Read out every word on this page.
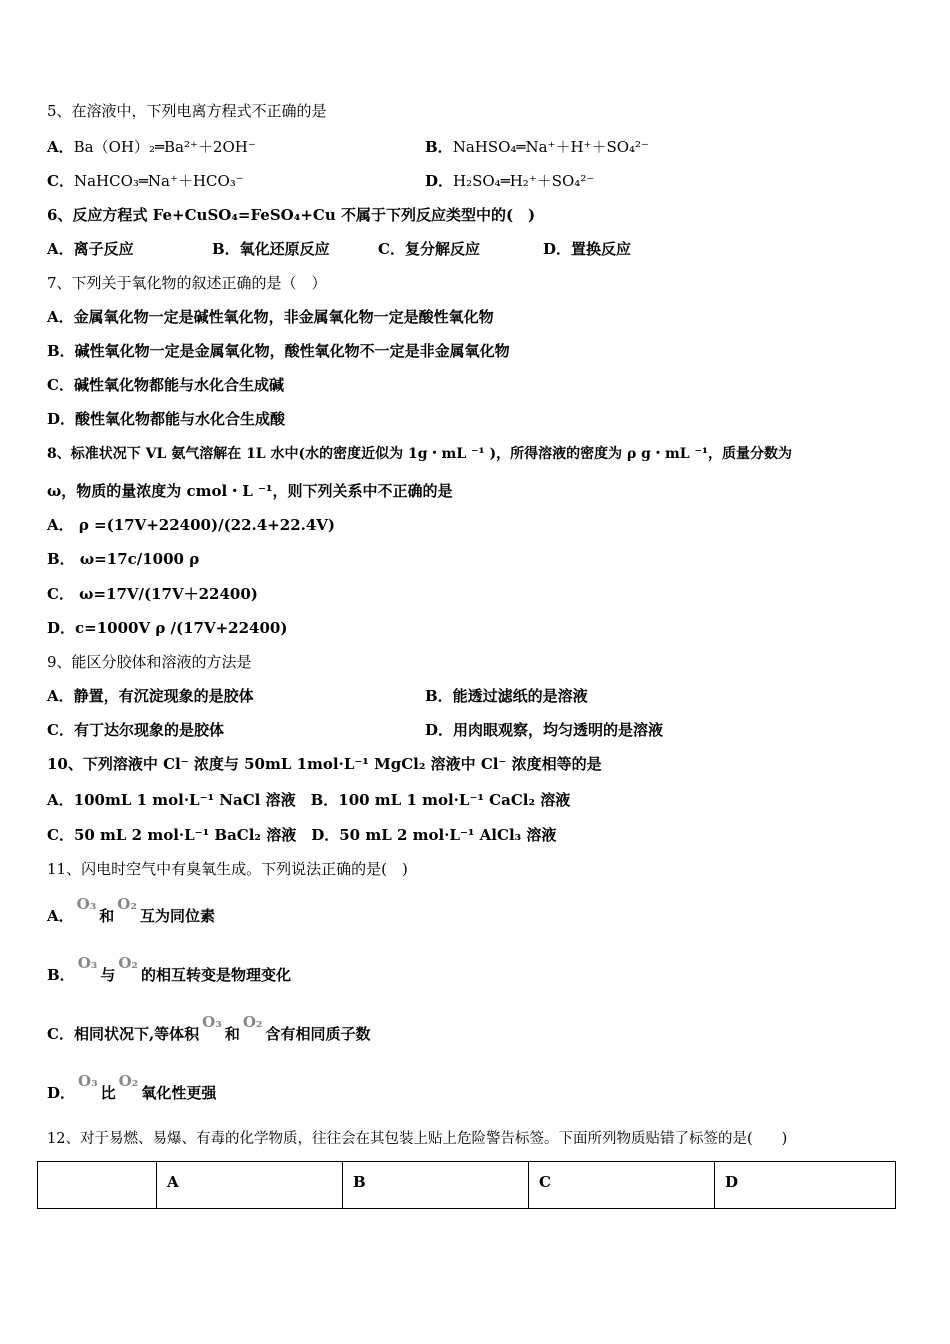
5、在溶液中，下列电离方程式不正确的是
A．Ba（OH）₂═Ba²⁺＋2OH⁻	B．NaHSO₄═Na⁺＋H⁺＋SO₄²⁻
C．NaHCO₃═Na⁺＋HCO₃⁻	D．H₂SO₄═H₂⁺＋SO₄²⁻
6、反应方程式 Fe+CuSO₄=FeSO₄+Cu 不属于下列反应类型中的(　)
A．离子反应	B．氧化还原反应	C．复分解反应	D．置换反应
7、下列关于氧化物的叙述正确的是（　）
A．金属氧化物一定是碱性氧化物，非金属氧化物一定是酸性氧化物
B．碱性氧化物一定是金属氧化物，酸性氧化物不一定是非金属氧化物
C．碱性氧化物都能与水化合生成碱
D．酸性氧化物都能与水化合生成酸
8、标准状况下 VL 氨气溶解在 1L 水中(水的密度近似为 1g・mL ⁻¹ )，所得溶液的密度为 ρ g・mL ⁻¹，质量分数为
ω，物质的量浓度为 cmol・L ⁻¹，则下列关系中不正确的是
A． ρ =(17V+22400)/(22.4+22.4V)
B． ω=17c/1000 ρ
C． ω=17V/(17V＋22400)
D．c=1000V ρ /(17V+22400)
9、能区分胶体和溶液的方法是
A．静置，有沉淀现象的是胶体	B．能透过滤纸的是溶液
C．有丁达尔现象的是胶体	D．用肉眼观察，均匀透明的是溶液
10、下列溶液中 Cl⁻ 浓度与 50mL 1mol·L⁻¹ MgCl₂ 溶液中 Cl⁻ 浓度相等的是
A．100mL 1 mol·L⁻¹ NaCl 溶液　B．100 mL 1 mol·L⁻¹ CaCl₂ 溶液
C．50 mL 2 mol·L⁻¹ BaCl₂ 溶液　D．50 mL 2 mol·L⁻¹ AlCl₃ 溶液
11、闪电时空气中有臭氧生成。下列说法正确的是(　)
A．O₃和O₂互为同位素
B．O₃与O₂的相互转变是物理变化
C．相同状况下,等体积O₃和O₂含有相同质子数
D．O₃比O₂氧化性更强
12、对于易燃、易爆、有毒的化学物质，往往会在其包装上贴上危险警告标签。下面所列物质贴错了标签的是(　　)
	A	B	C	D
